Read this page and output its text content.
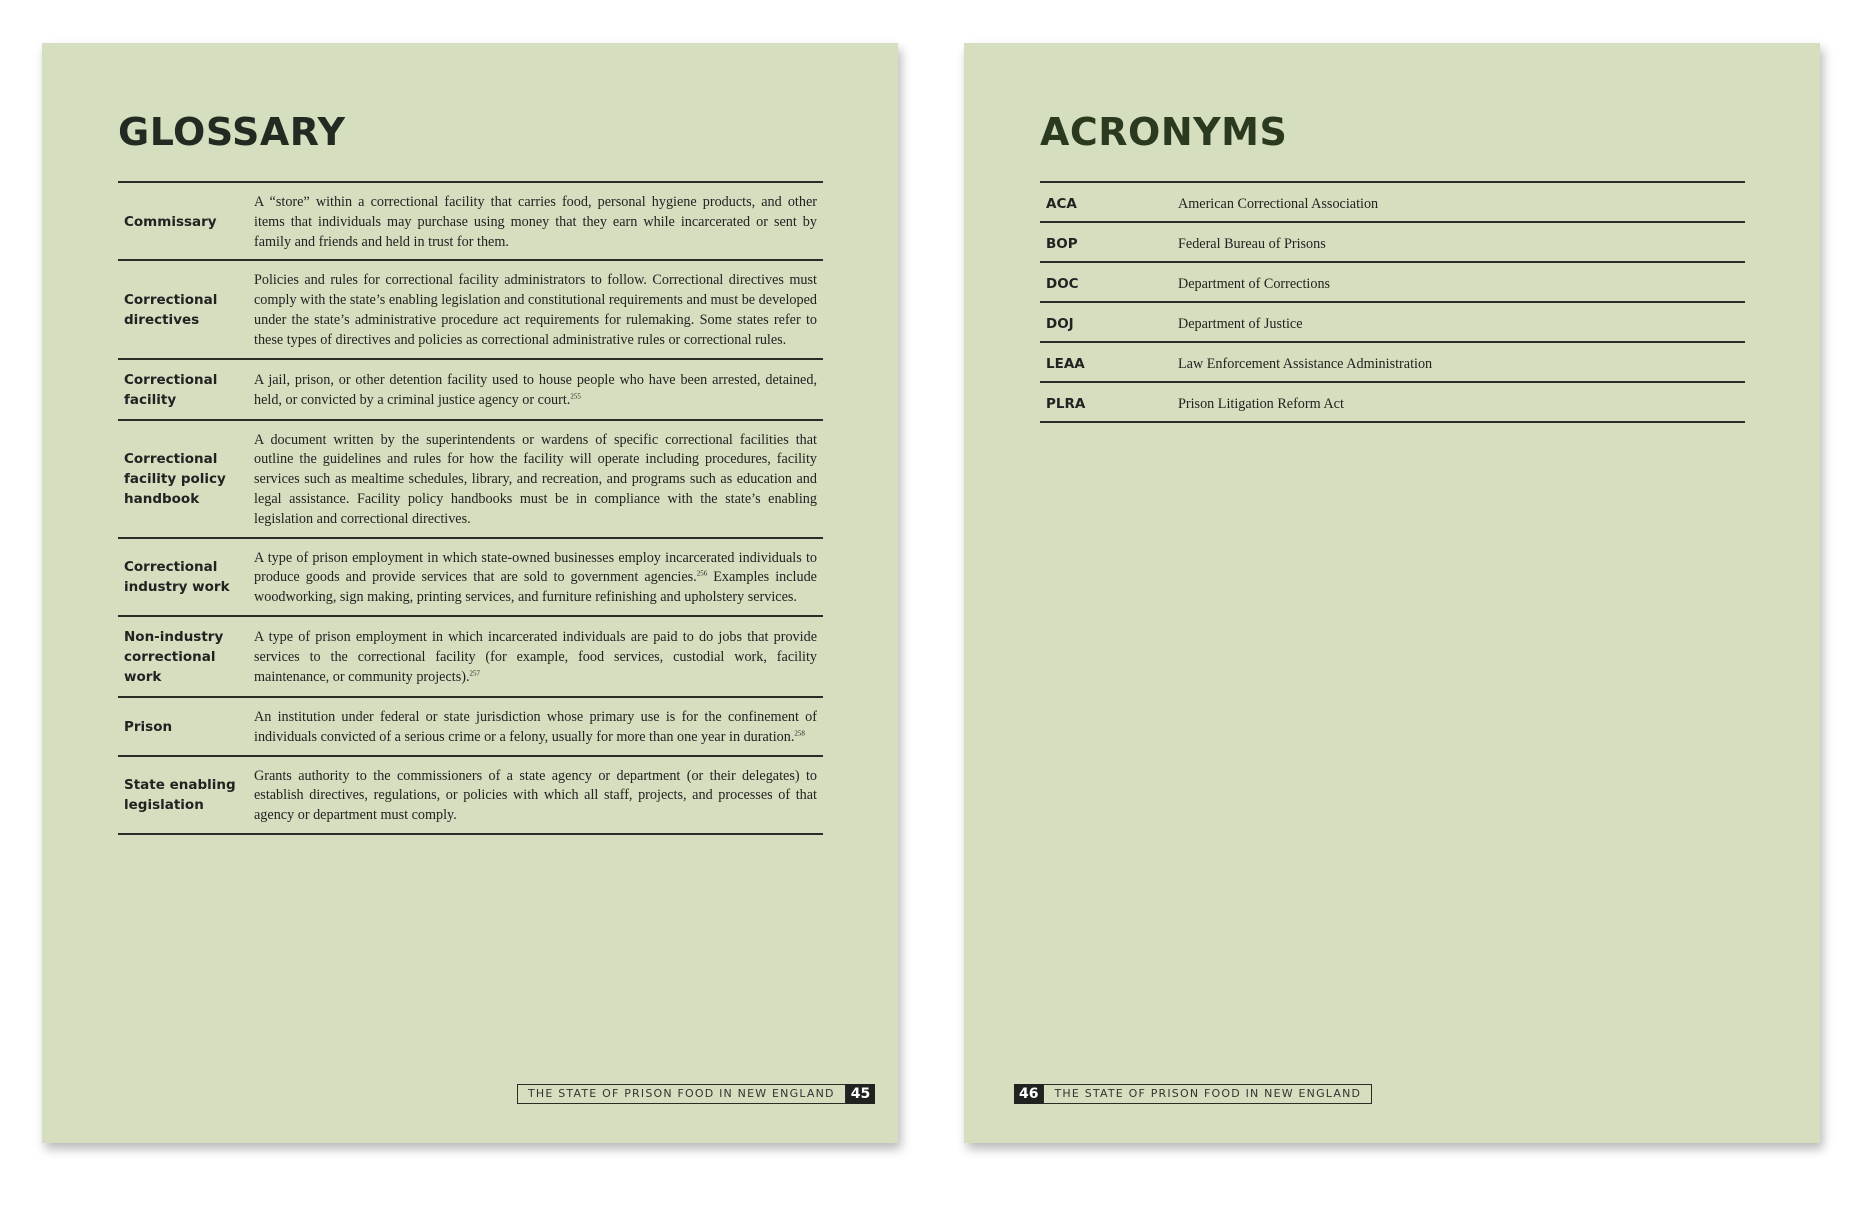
GLOSSARY
Commissary	A “store” within a correctional facility that carries food, personal hygiene products, and other items that individuals may purchase using money that they earn while incarcerated or sent by family and friends and held in trust for them.
Correctional directives	Policies and rules for correctional facility administrators to follow. Correctional directives must comply with the state’s enabling legislation and constitutional requirements and must be developed under the state’s administrative procedure act requirements for rulemaking. Some states refer to these types of directives and policies as correctional administrative rules or correctional rules.
Correctional facility	A jail, prison, or other detention facility used to house people who have been arrested, detained, held, or convicted by a criminal justice agency or court.$^{255}$
Correctional facility policy handbook	A document written by the superintendents or wardens of specific correctional facilities that outline the guidelines and rules for how the facility will operate including procedures, facility services such as mealtime schedules, library, and recreation, and programs such as education and legal assistance. Facility policy handbooks must be in compliance with the state’s enabling legislation and correctional directives.
Correctional industry work	A type of prison employment in which state-owned businesses employ incarcerated individuals to produce goods and provide services that are sold to government agencies.$^{256}$ Examples include woodworking, sign making, printing services, and furniture refinishing and upholstery services.
Non-industry correctional work	A type of prison employment in which incarcerated individuals are paid to do jobs that provide services to the correctional facility (for example, food services, custodial work, facility maintenance, or community projects).$^{257}$
Prison	An institution under federal or state jurisdiction whose primary use is for the confinement of individuals convicted of a serious crime or a felony, usually for more than one year in duration.$^{258}$
State enabling legislation	Grants authority to the commissioners of a state agency or department (or their delegates) to establish directives, regulations, or policies with which all staff, projects, and processes of that agency or department must comply.
THE STATE OF PRISON FOOD IN NEW ENGLAND	45
ACRONYMS
ACA	American Correctional Association
BOP	Federal Bureau of Prisons
DOC	Department of Corrections
DOJ	Department of Justice
LEAA	Law Enforcement Assistance Administration
PLRA	Prison Litigation Reform Act
46	THE STATE OF PRISON FOOD IN NEW ENGLAND
